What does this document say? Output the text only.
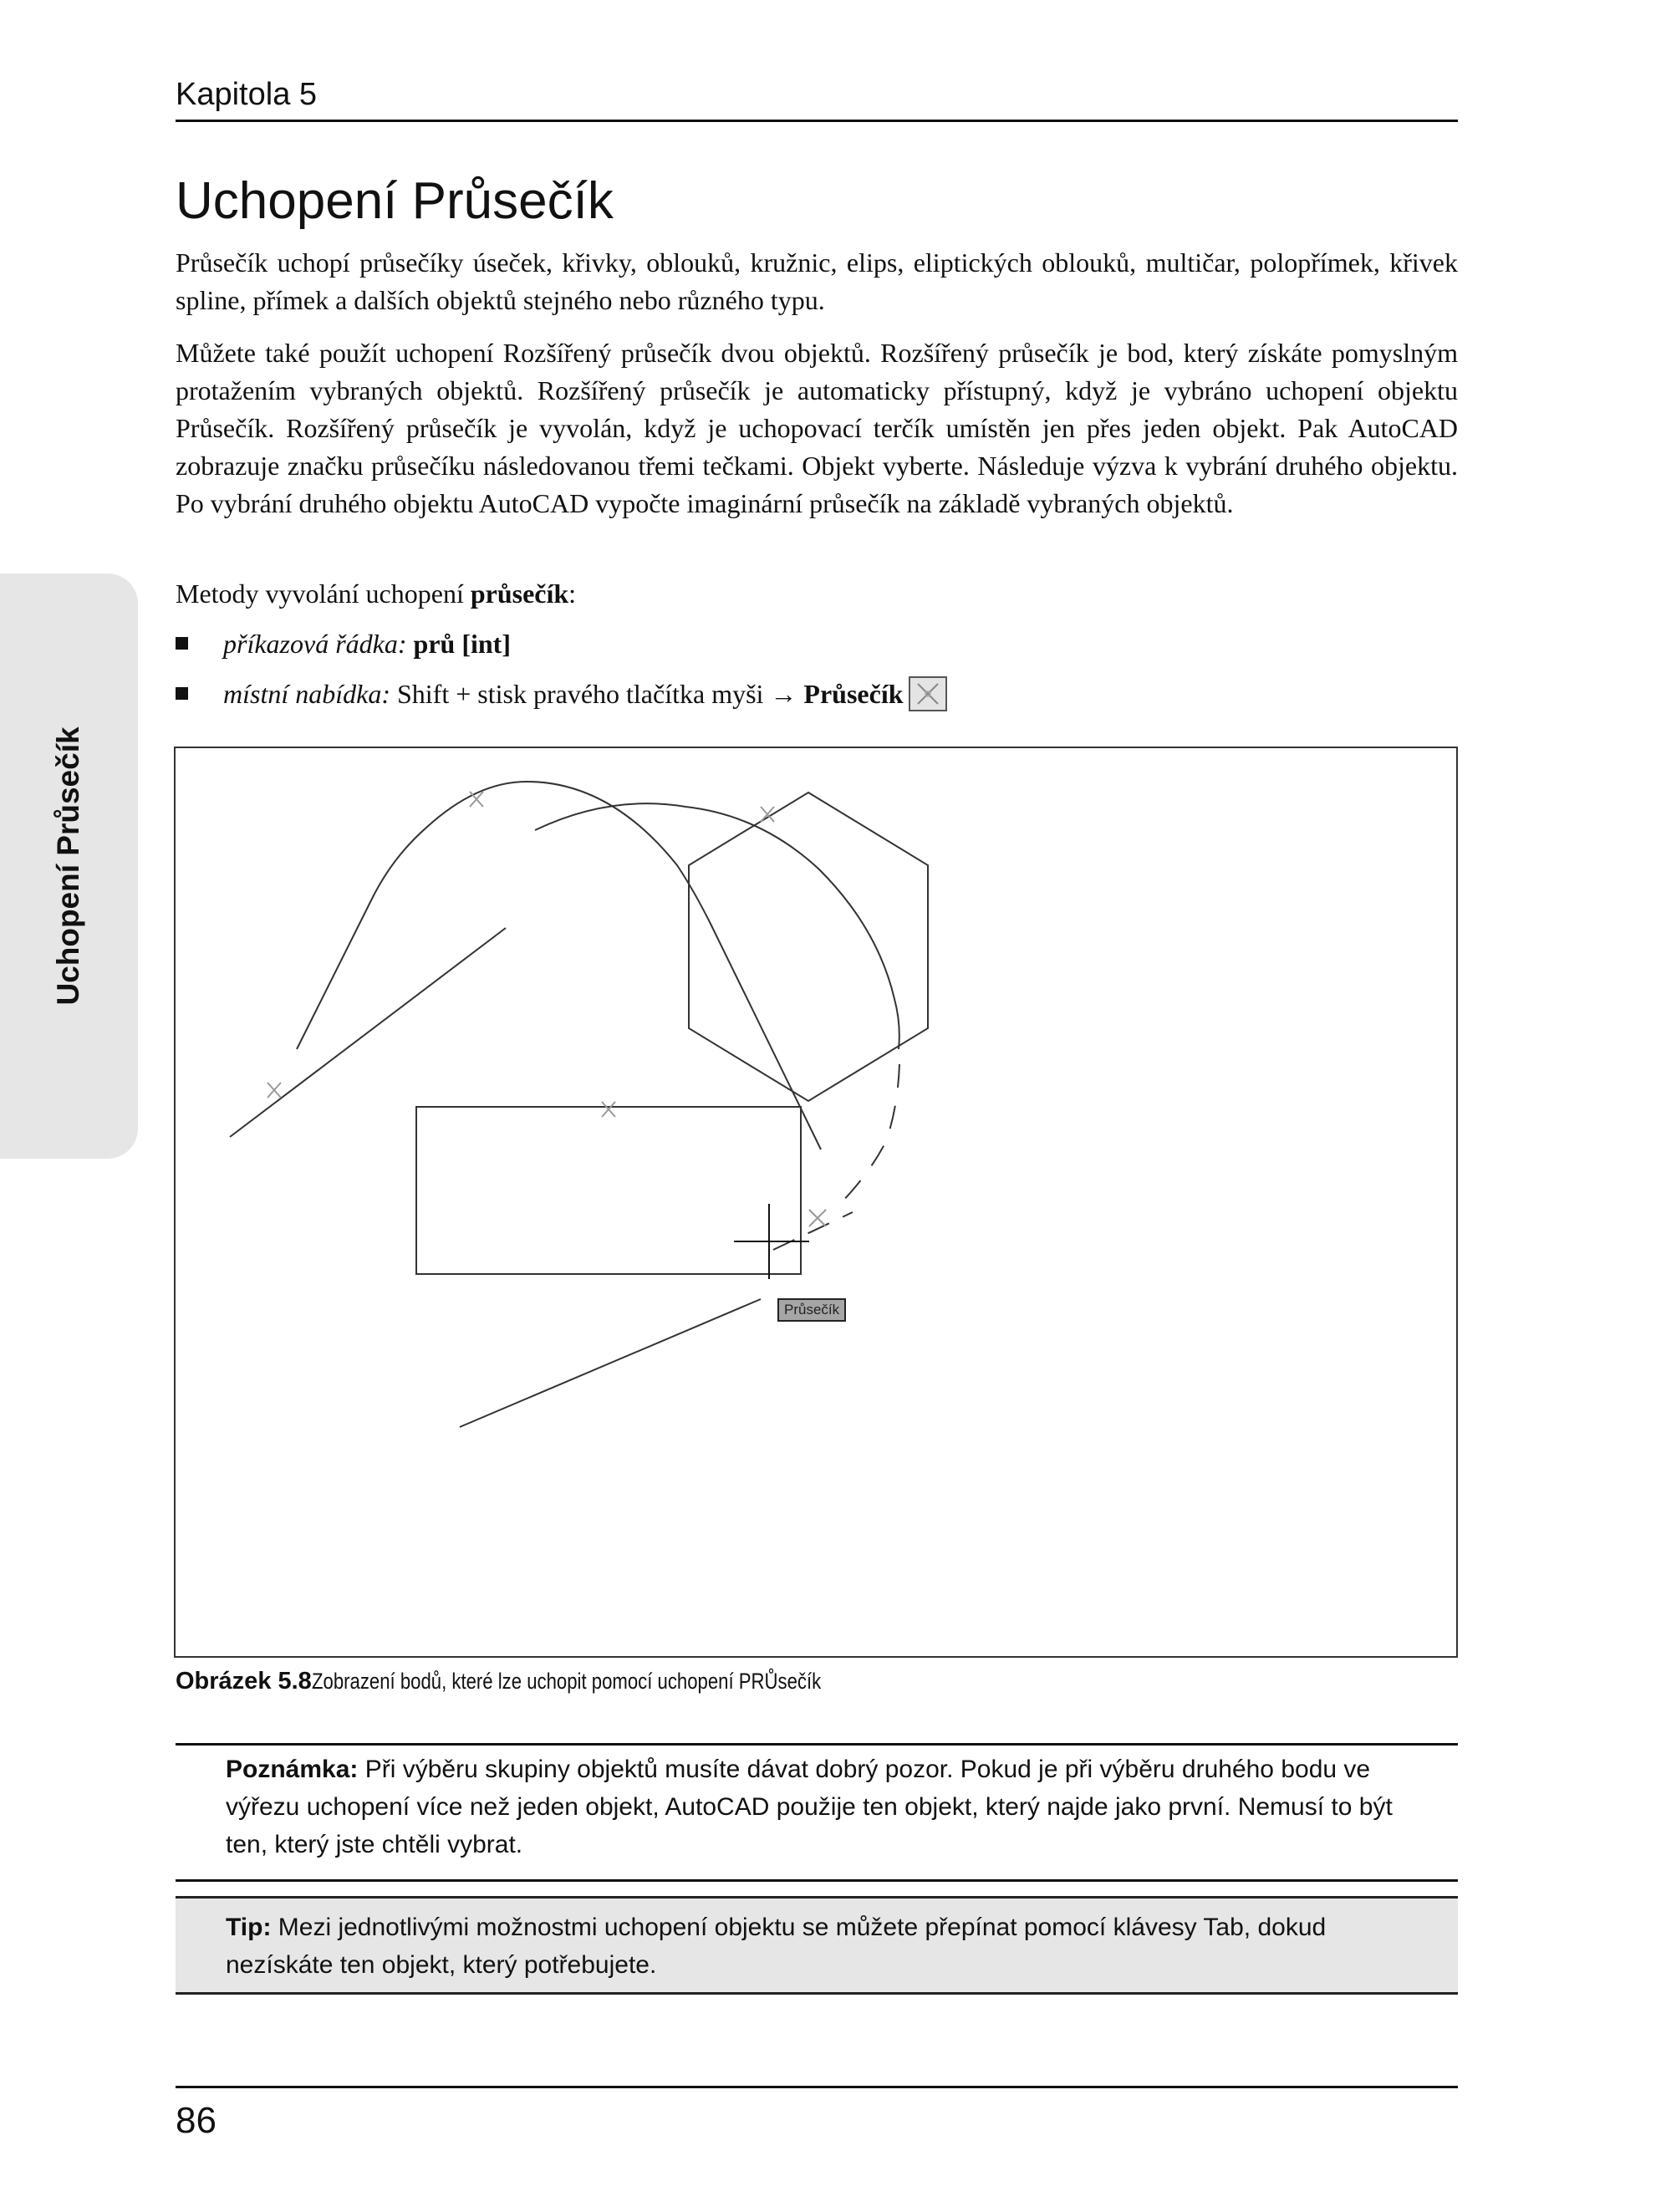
Kapitola 5
Uchopení Průsečík
Uchopení Průsečík

Průsečík uchopí průsečíky úseček, křivky, oblouků, kružnic, elips, eliptických oblouků, multičar, polopřímek, křivek spline, přímek a dalších objektů stejného nebo různého typu.

Můžete také použít uchopení Rozšířený průsečík dvou objektů. Rozšířený průsečík je bod, který získáte pomyslným protažením vybraných objektů. Rozšířený průsečík je automaticky přístupný, když je vybráno uchopení objektu Průsečík. Rozšířený průsečík je vyvolán, když je uchopovací terčík umístěn jen přes jeden objekt. Pak AutoCAD zobrazuje značku průsečíku následovanou třemi tečkami. Objekt vyberte. Následuje výzva k vybrání druhého objektu. Po vybrání druhého objektu AutoCAD vypočte imaginární průsečík na základě vybraných objektů.

Metody vyvolání uchopení průsečík:

příkazová řádka: prů [int]
místní nabídka: Shift + stisk pravého tlačítka myši → Průsečík
Průsečík
Obrázek 5.8Zobrazení bodů, které lze uchopit pomocí uchopení PRŮsečík
Poznámka: Při výběru skupiny objektů musíte dávat dobrý pozor. Pokud je při výběru druhého bodu ve výřezu uchopení více než jeden objekt, AutoCAD použije ten objekt, který najde jako první. Nemusí to být ten, který jste chtěli vybrat.
Tip: Mezi jednotlivými možnostmi uchopení objektu se můžete přepínat pomocí klávesy Tab, dokud nezískáte ten objekt, který potřebujete.
86
